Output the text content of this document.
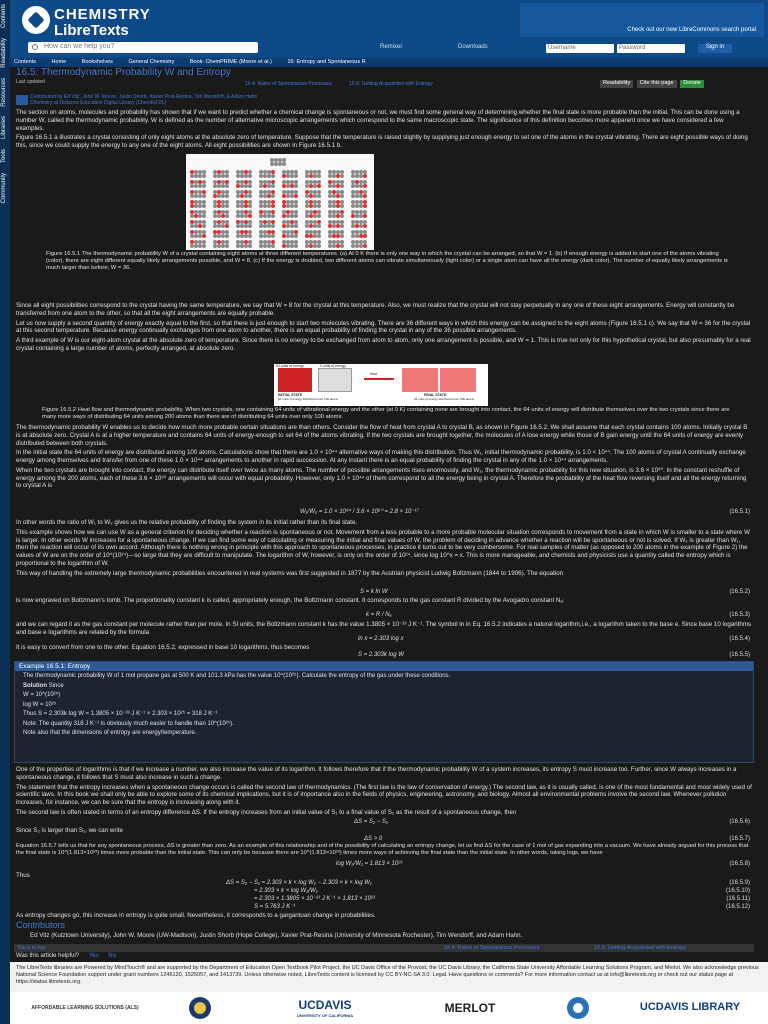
Contents
Readability
Resources
Libraries
Tools
Community
CHEMISTRY
LibreTexts	Check out our new LibreCommons search portal
How can we help you?	Remixer	Downloads	Username	Password	Sign in
Contents	Home	Bookshelves	General Chemistry	Book: ChemPRIME (Moore et al.)	16: Entropy and Spontaneous R
16.5: Thermodynamic Probability W and Entropy
Last updated	16.4: Rates of Spontaneous Processes	16.6: Getting Acquainted with Entropy	Readability Cite this page Donate
Contributed by Ed Vitz, John W. Moore, Justin Shorb, Xavier Prat-Resina, Tim Wendorff, & Adam Hahn
Chemistry at Distance Education Digital Library (ChemEd DL)

The section on atoms, molecules and probability has shown that if we want to predict whether a chemical change is spontaneous or not, we must find some general way of determining whether the final state is more probable than the initial. This can be done using a number W, called the thermodynamic probability. W is defined as the number of alternative microscopic arrangements which correspond to the same macroscopic state. The significance of this definition becomes more apparent once we have considered a few examples.

Figure 16.5.1 a illustrates a crystal consisting of only eight atoms at the absolute zero of temperature. Suppose that the temperature is raised slightly by supplying just enough energy to set one of the atoms in the crystal vibrating. There are eight possible ways of doing this, since we could supply the energy to any one of the eight atoms. All eight possibilities are shown in Figure 16.5.1 b.

Figure 16.5.1 The thermodynamic probability W of a crystal containing eight atoms at three different temperatures. (a) At 0 K there is only one way in which the crystal can be arranged, so that W = 1. (b) If enough energy is added to start one of the atoms vibrating (color), there are eight different equally likely arrangements possible, and W = 8. (c) If the energy is doubled, two different atoms can vibrate simultaneously (light color) or a single atom can have all the energy (dark color). The number of equally likely arrangements is much larger than before; W = 36.

Since all eight possibilities correspond to the crystal having the same temperature, we say that W = 8 for the crystal at this temperature. Also, we must realize that the crystal will not stay perpetually in any one of these eight arrangements. Energy will constantly be transferred from one atom to the other, so that all the eight arrangements are equally probable.

Let us now supply a second quantity of energy exactly equal to the first, so that there is just enough to start two molecules vibrating. There are 36 different ways in which this energy can be assigned to the eight atoms (Figure 16.5.1 c). We say that W = 36 for the crystal at this second temperature. Because energy continually exchanges from one atom to another, there is an equal probability of finding the crystal in any of the 36 possible arrangements.

A third example of W is our eight-atom crystal at the absolute zero of temperature. Since there is no energy to be exchanged from atom to atom, only one arrangement is possible, and W = 1. This is true not only for this hypothetical crystal, but also presumably for a real crystal containing a large number of atoms, perfectly arranged, at absolute zero.

64 units of energy	0 units of energy
INITIAL STATE
64 units of energy distributed over 100 atoms
heat
FINAL STATE
64 units of energy distributed over 200 atoms
Figure 16.5.2 Heat flow and thermodynamic probability. When two crystals, one containing 64 units of vibrational energy and the other (at 0 K) containing none are brought into contact, the 64 units of energy will distribute themselves over the two crystals since there are many more ways of distributing 64 units among 200 atoms than there are of distributing 64 units over only 100 atoms.

The thermodynamic probability W enables us to decide how much more probable certain situations are than others. Consider the flow of heat from crystal A to crystal B, as shown in Figure 16.5.2. We shall assume that each crystal contains 100 atoms. Initially crystal B is at absolute zero. Crystal A is at a higher temperature and contains 64 units of energy-enough to set 64 of the atoms vibrating. If the two crystals are brought together, the molecules of A lose energy while those of B gain energy until the 64 units of energy are evenly distributed between both crystals.

In the initial state the 64 units of energy are distributed among 100 atoms. Calculations show that there are 1.0 × 10⁴⁴ alternative ways of making this distribution. Thus W₁, initial thermodynamic probability, is 1.0 × 10⁴⁴. The 100 atoms of crystal A continually exchange energy among themselves and transfer from one of these 1.0 × 10⁴⁴ arrangements to another in rapid succession. At any instant there is an equal probability of finding the crystal in any of the 1.0 × 10⁴⁴ arrangements.

When the two crystals are brought into contact, the energy can distribute itself over twice as many atoms. The number of possible arrangements rises enormously, and W₂, the thermodynamic probability for this new situation, is 3.6 × 10⁶⁰. In the constant reshuffle of energy among the 200 atoms, each of these 3.6 × 10⁶⁰ arrangements will occur with equal probability. However, only 1.0 × 10⁴⁴ of them correspond to all the energy being in crystal A. Therefore the probability of the heat flow reversing itself and all the energy returning to crystal A is

W₁/W₂ = 1.0 × 10⁴⁴ / 3.6 × 10⁶⁰ = 2.8 × 10⁻¹⁷	(16.5.1)

In other words the ratio of W₁ to W₂ gives us the relative probability of finding the system in its initial rather than its final state.

This example shows how we can use W as a general criterion for deciding whether a reaction is spontaneous or not. Movement from a less probable to a more probable molecular situation corresponds to movement from a state in which W is smaller to a state where W is larger. In other words W increases for a spontaneous change. If we can find some way of calculating or measuring the initial and final values of W, the problem of deciding in advance whether a reaction will be spontaneous or not is solved. If W₂ is greater than W₁, then the reaction will occur of its own accord. Although there is nothing wrong in principle with this approach to spontaneous processes, in practice it turns out to be very cumbersome. For real samples of matter (as opposed to 200 atoms in the example of Figure 2) the values of W are on the order of 10^(10²⁴)—so large that they are difficult to manipulate. The logarithm of W, however, is only on the order of 10²⁴, since log 10^x = x. This is more manageable, and chemists and physicists use a quantity called the entropy which is proportional to the logarithm of W.

This way of handling the extremely large thermodynamic probabilities encountered in real systems was first suggested in 1877 by the Austrian physicist Ludwig Boltzmann (1844 to 1906). The equation

S = k ln W	(16.5.2)
is now engraved on Boltzmann's tomb. The proportionality constant k is called, appropriately enough, the Boltzmann constant. It corresponds to the gas constant R divided by the Avogadro constant Nₐ:
k = R / Nₐ	(16.5.3)
and we can regard it as the gas constant per molecule rather than per mole. In SI units, the Boltzmann constant k has the value 1.3805 × 10⁻²³ J K⁻¹. The symbol ln in Eq. 16.5.2 indicates a natural logarithm,i.e., a logarithm taken to the base e. Since base 10 logarithms and base e logarithms are related by the formula
ln x = 2.303 log x	(16.5.4)
It is easy to convert from one to the other. Equation 16.5.2, expressed in base 10 logarithms, thus becomes
S = 2.303k log W	(16.5.5)
Example 16.5.1: Entropy

The thermodynamic probability W of 1 mol propane gas at 500 K and 101.3 kPa has the value 10^(10²⁵). Calculate the entropy of the gas under these conditions.

Solution Since

W = 10^(10²⁵)

log W = 10²⁵

Thus S = 2.303k log W = 1.3805 × 10⁻²³ J K⁻¹ × 2.303 × 10²⁵ = 318 J K⁻¹

Note: The quantity 318 J K⁻¹ is obviously much easier to handle than 10^(10²⁵).

Note also that the dimensions of entropy are energy/temperature.

One of the properties of logarithms is that if we increase a number, we also increase the value of its logarithm. It follows therefore that if the thermodynamic probability W of a system increases, its entropy S must increase too. Further, since W always increases in a spontaneous change, it follows that S must also increase in such a change.

The statement that the entropy increases when a spontaneous change occurs is called the second law of thermodynamics. (The first law is the law of conservation of energy.) The second law, as it is usually called, is one of the most fundamental and most widely used of scientific laws. In this book we shall only be able to explore some of its chemical implications, but it is of importance also in the fields of physics, engineering, astronomy, and biology. Almost all environmental problems involve the second law. Whenever pollution increases, for instance, we can be sure that the entropy is increasing along with it.

The second law is often stated in terms of an entropy difference ΔS. If the entropy increases from an initial value of S₁ to a final value of S₂ as the result of a spontaneous change, then

ΔS = S₂ − S₁	(16.5.6)
Since S₂ is larger than S₁, we can write
ΔS > 0	(16.5.7)
Equation 16.5.7 tells us that for any spontaneous process, ΔS is greater than zero. As an example of this relationship and of the possibility of calculating an entropy change, let us find ΔS for the case of 1 mol of gas expanding into a vacuum. We have already argued for this process that the final state is 10^(1.813×10²³) times more probable than the initial state. This can only be because there are 10^(1.813×10²³) times more ways of achieving the final state than the initial state. In other words, taking logs, we have
log W₂/W₁ = 1.813 × 10²³	(16.5.8)
Thus
ΔS = S₂ − S₁ = 2.303 × k × log W₂ − 2.303 × k × log W₁	(16.5.9)
= 2.303 × k × log W₂/W₁	(16.5.10)
= 2.303 × 1.3805 × 10⁻²³ J K⁻¹ × 1.813 × 10²³	(16.5.11)
S = 5.763 J K⁻¹	(16.5.12)
As entropy changes go, this increase in entropy is quite small. Nevertheless, it corresponds to a gargantuan change in probabilities.
Contributors
Ed Vitz (Kutztown University), John W. Moore (UW-Madison), Justin Shorb (Hope College), Xavier Prat-Resina (University of Minnesota Rochester), Tim Wendorff, and Adam Hahn.
Back to top	16.4: Rates of Spontaneous Processes	16.6: Getting Acquainted with Entropy
Was this article helpful? Yes No
The LibreTexts libraries are Powered by MindTouch® and are supported by the Department of Education Open Textbook Pilot Project, the UC Davis Office of the Provost, the UC Davis Library, the California State University Affordable Learning Solutions Program, and Merlot. We also acknowledge previous National Science Foundation support under grant numbers 1246120, 1525057, and 1413739. Unless otherwise noted, LibreTexts content is licensed by CC BY-NC-SA 3.0. Legal. Have questions or comments? For more information contact us at info@libretexts.org or check out our status page at https://status.libretexts.org.
AFFORDABLE LEARNING SOLUTIONS (ALS)	UCDAVIS
UNIVERSITY OF CALIFORNIA
MERLOT	UCDAVIS LIBRARY
